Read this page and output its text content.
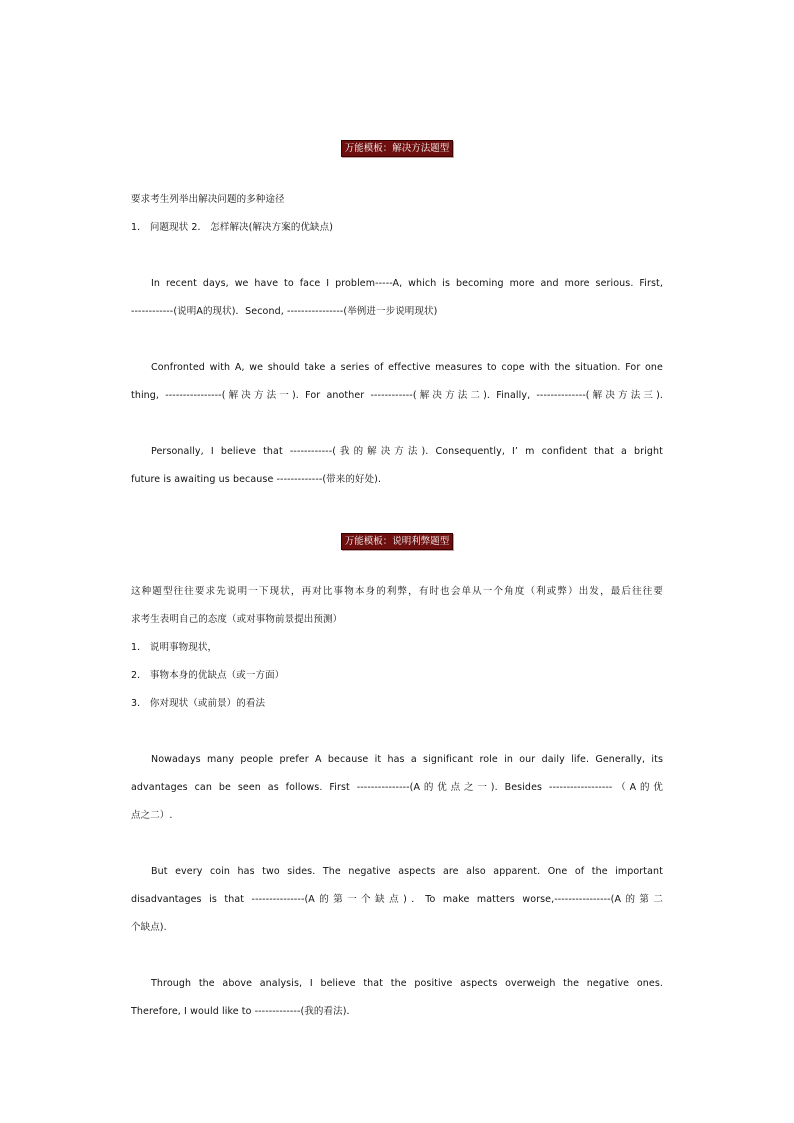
万能模板：解决方法题型
要求考生列举出解决问题的多种途径
1． 问题现状 2． 怎样解决(解决方案的优缺点)
In recent days, we have to face I problem-----A, which is becoming more and more serious. First,
------------(说明A的现状)．Second, ----------------(举例进一步说明现状)
Confronted with A, we should take a series of effective measures to cope with the situation. For one
thing, ----------------(解决方法一). For another ------------(解决方法二). Finally, --------------(解决方法三).
Personally, I believe that ------------(我的解决方法). Consequently, I’ m confident that a bright
future is awaiting us because -------------(带来的好处).
万能模板：说明利弊题型
这种题型往往要求先说明一下现状，再对比事物本身的利弊，有时也会单从一个角度（利或弊）出发，最后往往要
求考生表明自己的态度（或对事物前景提出预测）
1． 说明事物现状，
2． 事物本身的优缺点（或一方面）
3． 你对现状（或前景）的看法
Nowadays many people prefer A because it has a significant role in our daily life. Generally, its
advantages can be seen as follows. First ---------------(A的优点之一). Besides ------------------（A的优
点之二）.
But every coin has two sides. The negative aspects are also apparent. One of the important
disadvantages is that ---------------(A的第一个缺点)．To make matters worse,----------------(A的第二
个缺点).
Through the above analysis, I believe that the positive aspects overweigh the negative ones.
Therefore, I would like to -------------(我的看法)．
